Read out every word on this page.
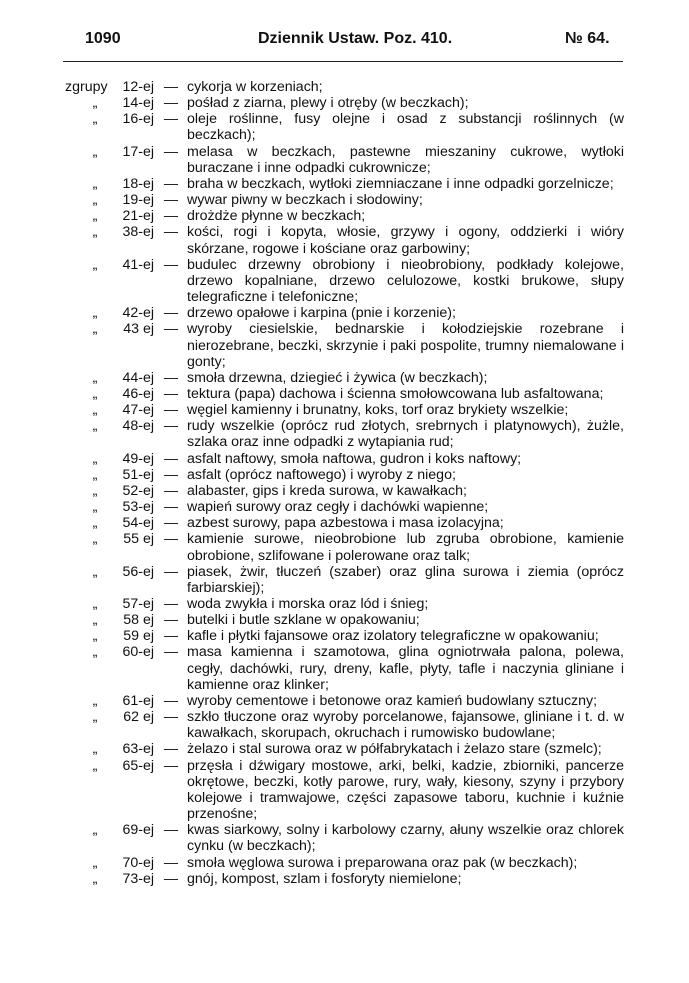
1090	Dziennik Ustaw. Poz. 410.	№ 64.
zgrupy	12-ej — cykorja w korzeniach;
„	14-ej — pośład z ziarna, plewy i otręby (w beczkach);
„	16-ej — oleje roślinne, fusy olejne i osad z substancji roślinnych (w beczkach);
„	17-ej — melasa w beczkach, pastewne mieszaniny cukrowe, wytłoki buraczane i inne odpadki cukrownicze;
„	18-ej — braha w beczkach, wytłoki ziemniaczane i inne odpadki gorzelnicze;
„	19-ej — wywar piwny w beczkach i słodowiny;
„	21-ej — drożdże płynne w beczkach;
„	38-ej — kości, rogi i kopyta, włosie, grzywy i ogony, oddzierki i wióry skórzane, rogowe i kościane oraz garbowiny;
„	41-ej — budulec drzewny obrobiony i nieobrobiony, podkłady kolejowe, drzewo kopalniane, drzewo celulozowe, kostki brukowe, słupy telegraficzne i telefoniczne;
„	42-ej — drzewo opałowe i karpina (pnie i korzenie);
„	43 ej — wyroby ciesielskie, bednarskie i kołodziejskie rozebrane i nierozebrane, beczki, skrzynie i paki pospolite, trumny niemalowane i gonty;
„	44-ej — smoła drzewna, dziegieć i żywica (w beczkach);
„	46-ej — tektura (papa) dachowa i ścienna smołowcowana lub asfaltowana;
„	47-ej — węgiel kamienny i brunatny, koks, torf oraz brykiety wszelkie;
„	48-ej — rudy wszelkie (oprócz rud złotych, srebrnych i platynowych), żużle, szlaka oraz inne odpadki z wytapiania rud;
„	49-ej — asfalt naftowy, smoła naftowa, gudron i koks naftowy;
„	51-ej — asfalt (oprócz naftowego) i wyroby z niego;
„	52-ej — alabaster, gips i kreda surowa, w kawałkach;
„	53-ej — wapień surowy oraz cegły i dachówki wapienne;
„	54-ej — azbest surowy, papa azbestowa i masa izolacyjna;
„	55 ej — kamienie surowe, nieobrobione lub zgruba obrobione, kamienie obrobione, szlifowane i polerowane oraz talk;
„	56-ej — piasek, żwir, tłuczeń (szaber) oraz glina surowa i ziemia (oprócz farbiarskiej);
„	57-ej — woda zwykła i morska oraz lód i śnieg;
„	58 ej — butelki i butle szklane w opakowaniu;
„	59 ej — kafle i płytki fajansowe oraz izolatory telegraficzne w opakowaniu;
„	60-ej — masa kamienna i szamotowa, glina ogniotrwała palona, polewa, cegły, dachówki, rury, dreny, kafle, płyty, tafle i naczynia gliniane i kamienne oraz klinker;
„	61-ej — wyroby cementowe i betonowe oraz kamień budowlany sztuczny;
„	62 ej — szkło tłuczone oraz wyroby porcelanowe, fajansowe, gliniane i t. d. w kawałkach, skorupach, okruchach i rumowisko budowlane;
„	63-ej — żelazo i stal surowa oraz w półfabrykatach i żelazo stare (szmelc);
„	65-ej — przęsła i dźwigary mostowe, arki, belki, kadzie, zbiorniki, pancerze okrętowe, beczki, kotły parowe, rury, wały, kiesony, szyny i przybory kolejowe i tramwajowe, części zapasowe taboru, kuchnie i kuźnie przenośne;
„	69-ej — kwas siarkowy, solny i karbolowy czarny, ałuny wszelkie oraz chlorek cynku (w beczkach);
„	70-ej — smoła węglowa surowa i preparowana oraz pak (w beczkach);
„	73-ej — gnój, kompost, szlam i fosforyty niemielone;
